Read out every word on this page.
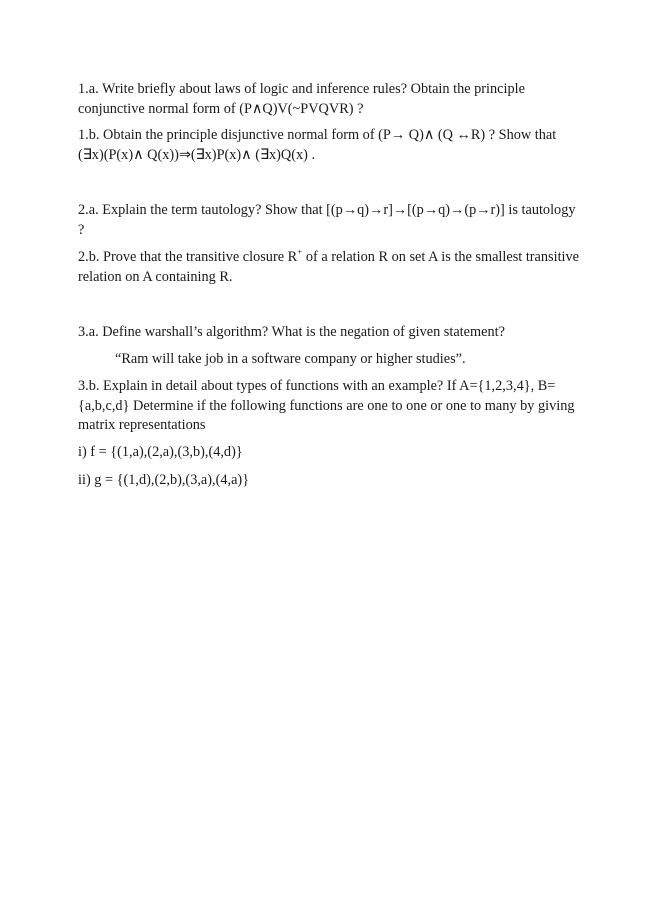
1.a. Write briefly about laws of logic and inference rules? Obtain the principle conjunctive normal form of (P∧Q)V(~PVQVR) ?

1.b. Obtain the principle disjunctive normal form of (P→ Q)∧ (Q ↔R) ? Show that (∃x)(P(x)∧ Q(x))⇒(∃x)P(x)∧ (∃x)Q(x) .

2.a. Explain the term tautology? Show that [(p→q)→r]→[(p→q)→(p→r)] is tautology ?

2.b. Prove that the transitive closure R+ of a relation R on set A is the smallest transitive relation on A containing R.

3.a. Define warshall’s algorithm? What is the negation of given statement?

“Ram will take job in a software company or higher studies”.

3.b. Explain in detail about types of functions with an example? If A={1,2,3,4}, B={a,b,c,d} Determine if the following functions are one to one or one to many by giving matrix representations

i) f = {(1,a),(2,a),(3,b),(4,d)}

ii) g = {(1,d),(2,b),(3,a),(4,a)}
